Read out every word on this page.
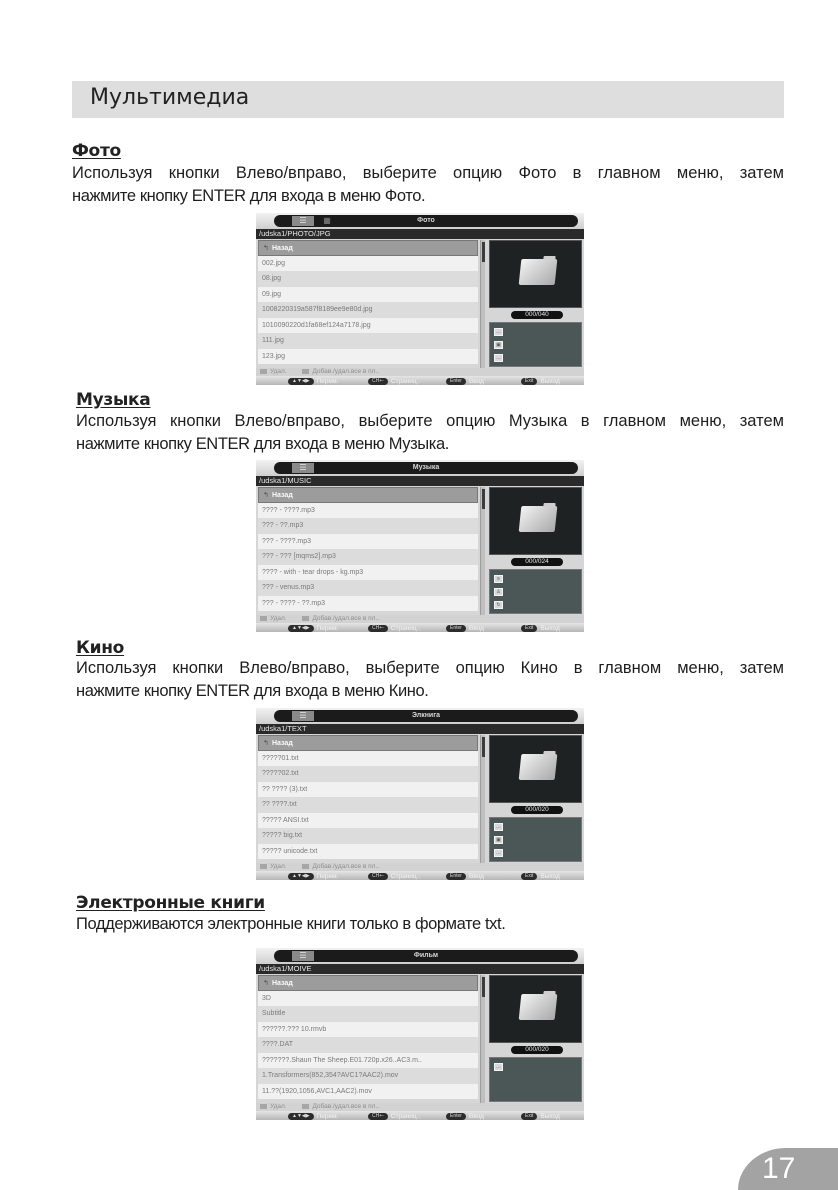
Мультимедиа
Фото
Используя кнопки Влево/вправо, выберите опцию Фото в главном меню, затем
нажмите кнопку ENTER для входа в меню Фото.
☰	Фото
▦
/udska1/PHOTO/JPG
↰ Назад
002.jpg
08.jpg
09.jpg
1008220319a587f8189ee9e80d.jpg
1010090220d1fa68ef124a7178.jpg
111.jpg
123.jpg
000/040
…
▣
…
Удал.	Добав./удал.все в пл..
▲▼◀▶	Перем.	CH+-	Страниц..	Enter	Ввод	Exit	Выход
Музыка
Используя кнопки Влево/вправо, выберите опцию Музыка в главном меню, затем
нажмите кнопку ENTER для входа в меню Музыка.
☰	Музыка
/udska1/MUSIC
↰ Назад
???? - ????.mp3
??? - ??.mp3
??? - ????.mp3
??? - ??? [mqms2].mp3
???? - with - tear drops - kg.mp3
??? - venus.mp3
??? - ???? - ??.mp3
000/024
≡
♙
↻
Удал.	Добав./удал.все в пл..
▲▼◀▶	Перем.	CH+-	Страниц..	Enter	Ввод	Exit	Выход
Кино
Используя кнопки Влево/вправо, выберите опцию Кино в главном меню, затем
нажмите кнопку ENTER для входа в меню Кино.
☰	Элкнига
/udska1/TEXT
↰ Назад
?????01.txt
?????02.txt
?? ???? (3).txt
?? ????.txt
????? ANSI.txt
????? big.txt
????? unicode.txt
000/020
…
▣
…
Удал.	Добав./удал.все в пл..
▲▼◀▶	Перем.	CH+-	Страниц..	Enter	Ввод	Exit	Выход
Электронные книги
Поддерживаются электронные книги только в формате txt.
☰	Фильм
/udska1/MOIVE
↰ Назад
3D
Subtitle
??????.??? 10.rmvb
????.DAT
???????.Shaun The Sheep.E01.720p.x26..AC3.m..
1.Transformers(852,354?AVC1?AAC2).mov
11.??(1920,1056,AVC1,AAC2).mov
000/020
…
Удал.	Добав./удал.все в пл..
▲▼◀▶	Перем.	CH+-	Страниц..	Enter	Ввод	Exit	Выход
17
